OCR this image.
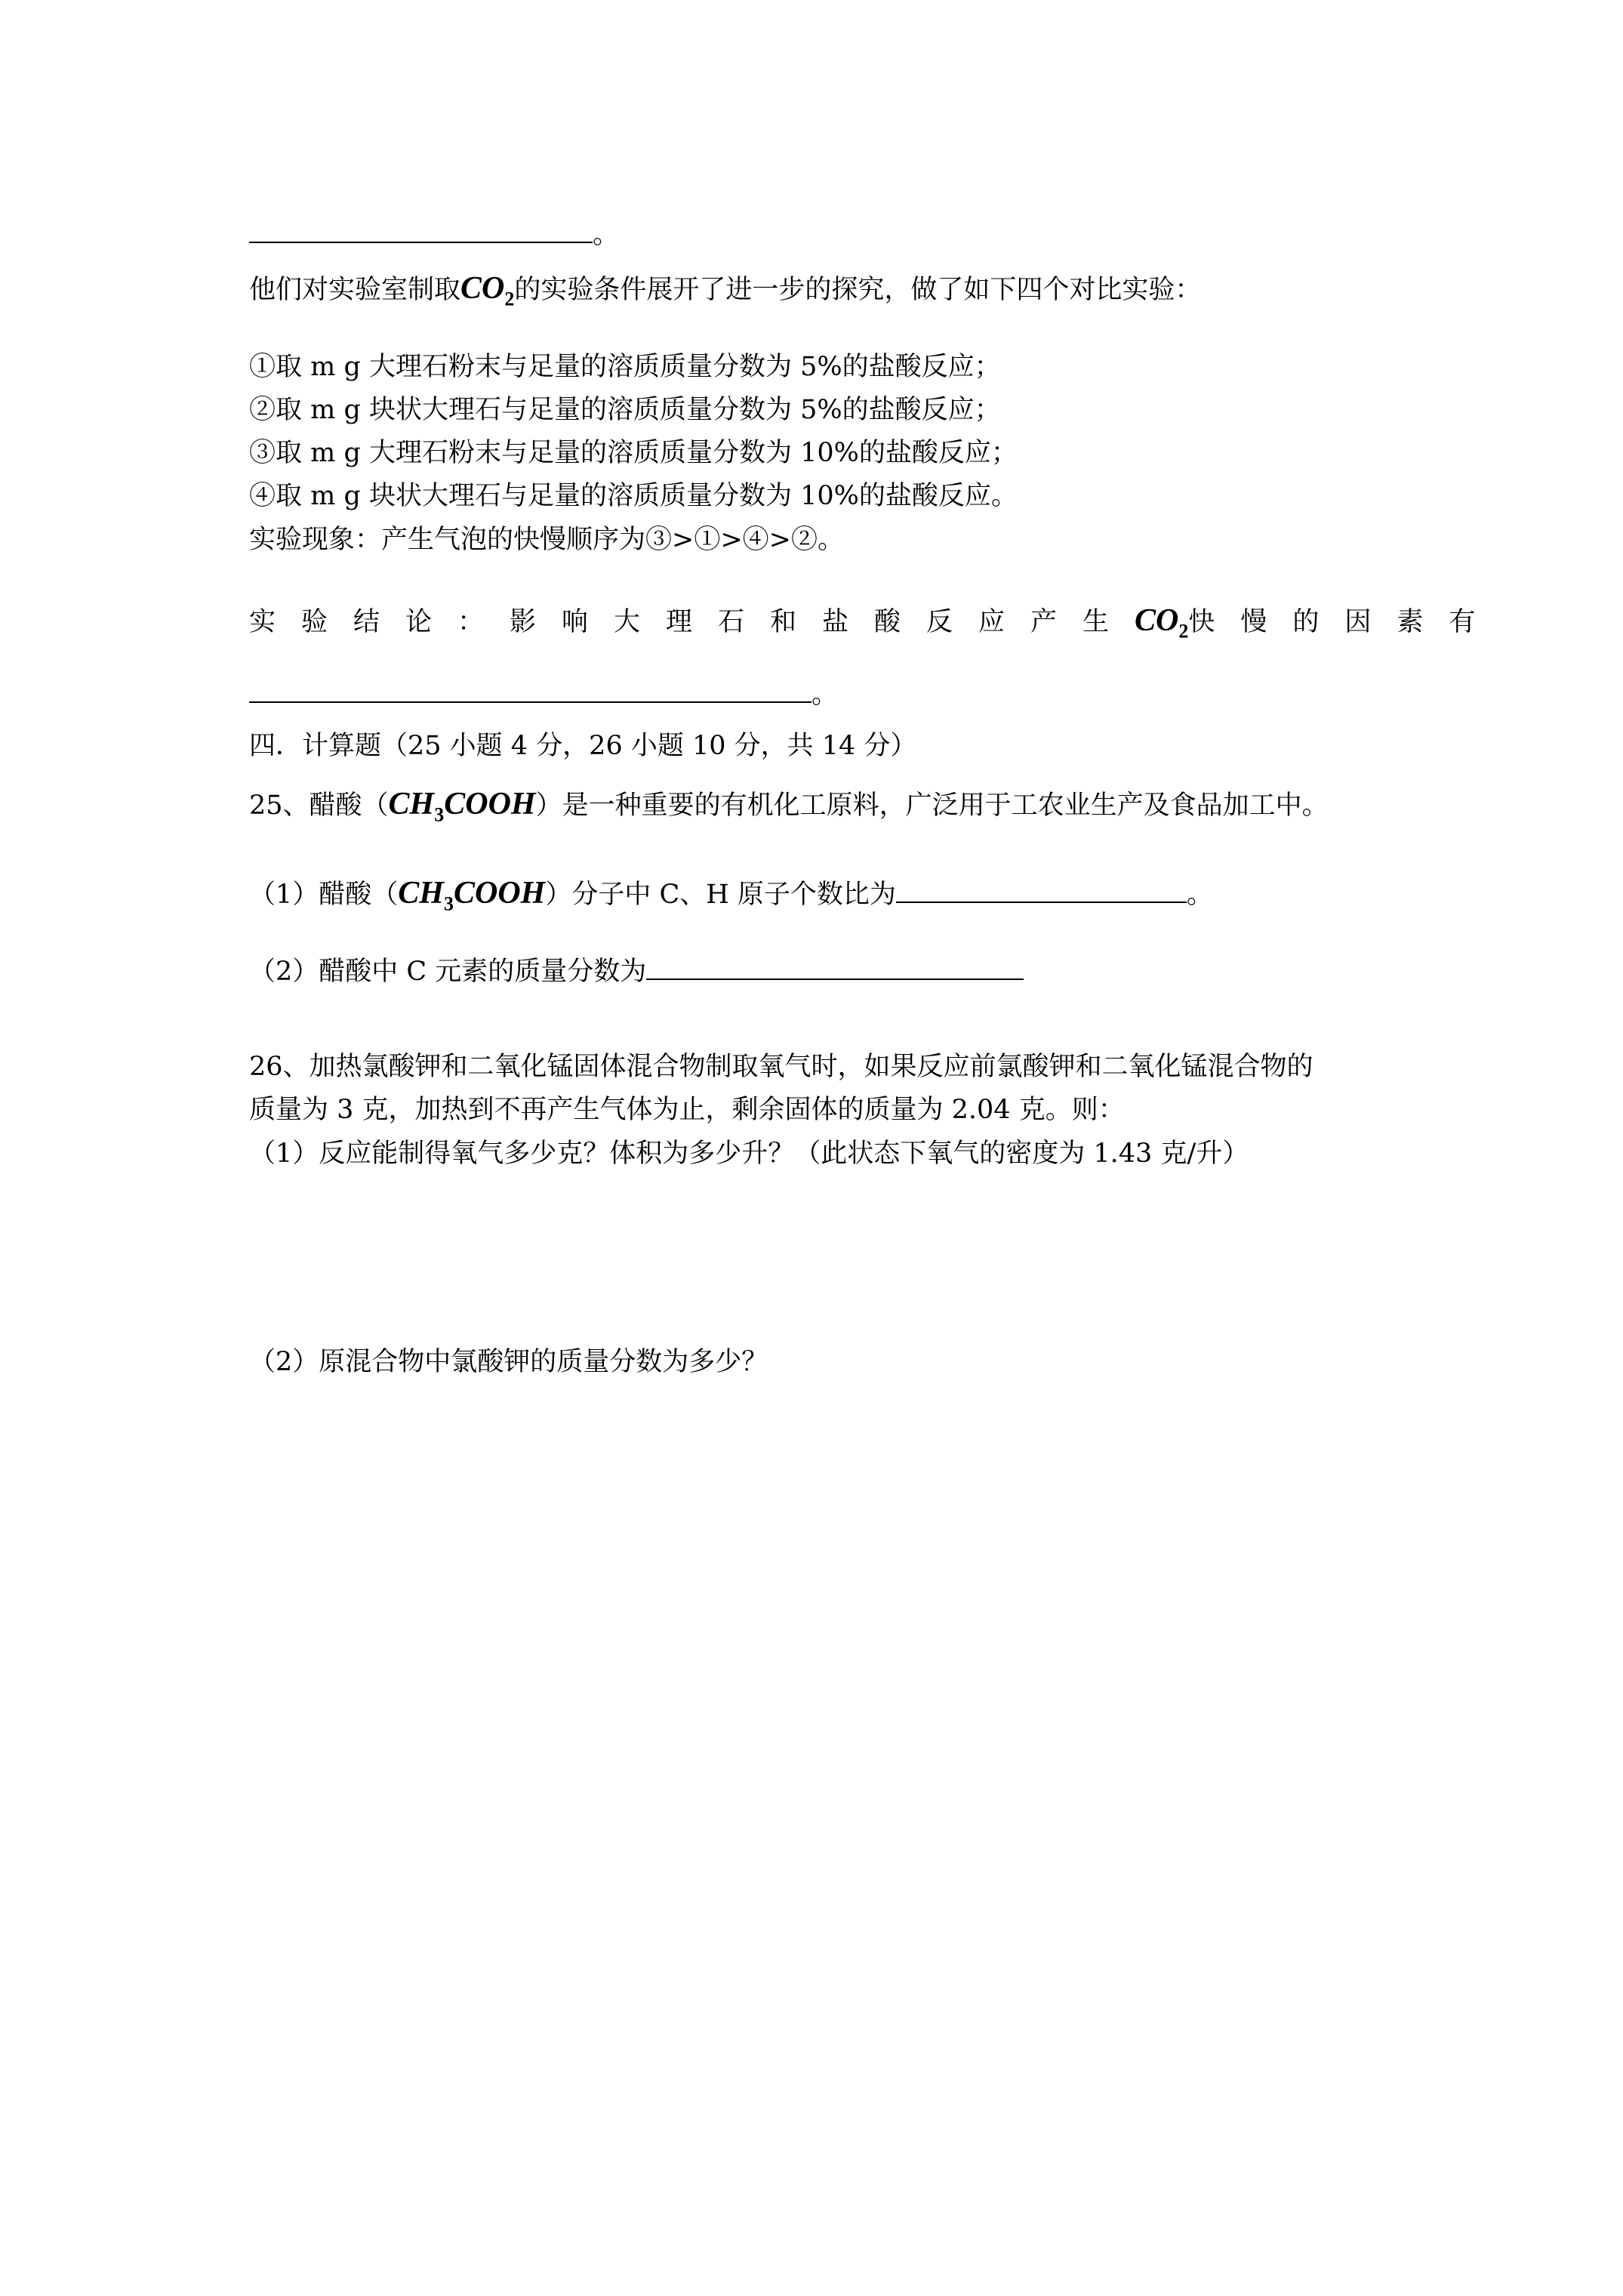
。
他们对实验室制取$CO_2$的实验条件展开了进一步的探究，做了如下四个对比实验：
①取 m g 大理石粉末与足量的溶质质量分数为 5%的盐酸反应；
②取 m g 块状大理石与足量的溶质质量分数为 5%的盐酸反应；
③取 m g 大理石粉末与足量的溶质质量分数为 10%的盐酸反应；
④取 m g 块状大理石与足量的溶质质量分数为 10%的盐酸反应。
实验现象：产生气泡的快慢顺序为③>①>④>②。
实验结论：影响大理石和盐酸反应产生$CO_2$快慢的因素有
。
四．计算题（25 小题 4 分，26 小题 10 分，共 14 分）
25、醋酸$(CH_3COOH)$是一种重要的有机化工原料，广泛用于工农业生产及食品加工中。
（1）醋酸$(CH_3COOH)$分子中 C、H 原子个数比为	。
（2）醋酸中 C 元素的质量分数为
26、加热氯酸钾和二氧化锰固体混合物制取氧气时，如果反应前氯酸钾和二氧化锰混合物的
质量为 3 克，加热到不再产生气体为止，剩余固体的质量为 2.04 克。则：
（1）反应能制得氧气多少克？体积为多少升？（此状态下氧气的密度为 1.43 克/升）
（2）原混合物中氯酸钾的质量分数为多少？
